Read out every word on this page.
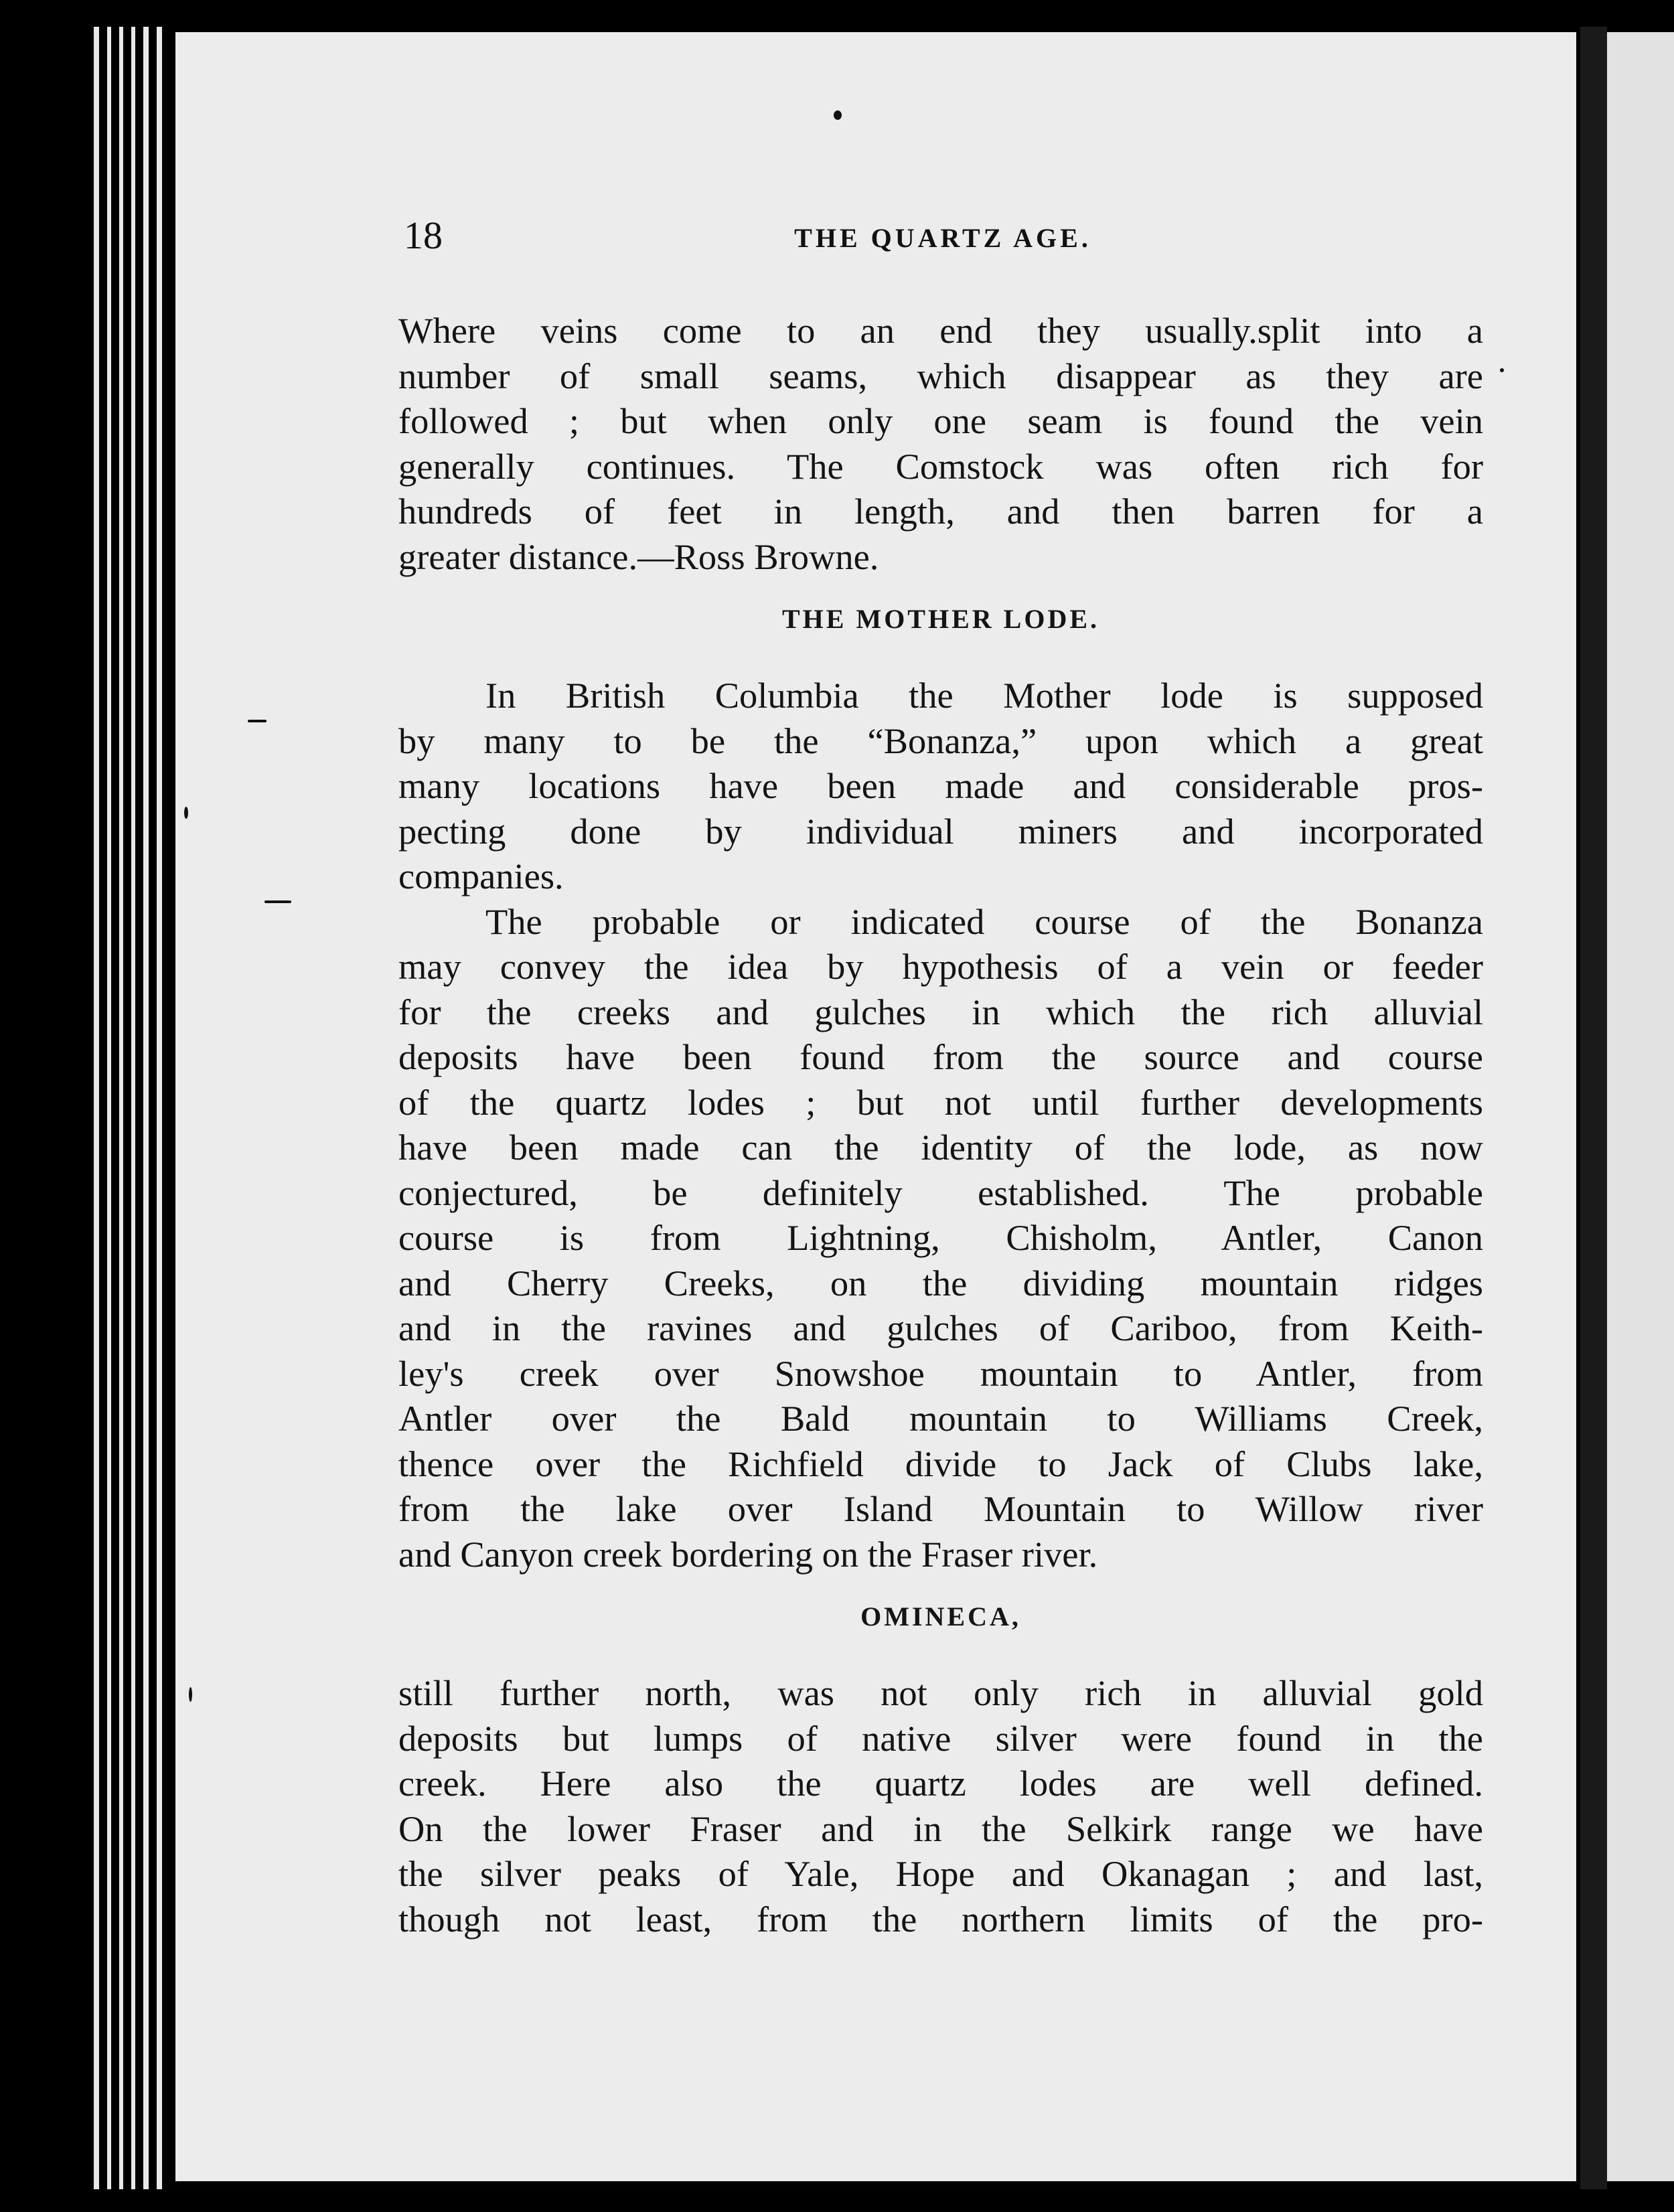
18	THE QUARTZ AGE.
Where veins come to an end they usually.split into a
number of small seams, which disappear as they are
followed ; but when only one seam is found the vein
generally continues. The Comstock was often rich for
hundreds of feet in length, and then barren for a
greater distance.—Ross Browne.
THE MOTHER LODE.
In British Columbia the Mother lode is supposed
by many to be the “Bonanza,” upon which a great
many locations have been made and considerable pros-
pecting done by individual miners and incorporated
companies.
The probable or indicated course of the Bonanza
may convey the idea by hypothesis of a vein or feeder
for the creeks and gulches in which the rich alluvial
deposits have been found from the source and course
of the quartz lodes ; but not until further developments
have been made can the identity of the lode, as now
conjectured, be definitely established. The probable
course is from Lightning, Chisholm, Antler, Canon
and Cherry Creeks, on the dividing mountain ridges
and in the ravines and gulches of Cariboo, from Keith-
ley's creek over Snowshoe mountain to Antler, from
Antler over the Bald mountain to Williams Creek,
thence over the Richfield divide to Jack of Clubs lake,
from the lake over Island Mountain to Willow river
and Canyon creek bordering on the Fraser river.
OMINECA,
still further north, was not only rich in alluvial gold
deposits but lumps of native silver were found in the
creek. Here also the quartz lodes are well defined.
On the lower Fraser and in the Selkirk range we have
the silver peaks of Yale, Hope and Okanagan ; and last,
though not least, from the northern limits of the pro-
